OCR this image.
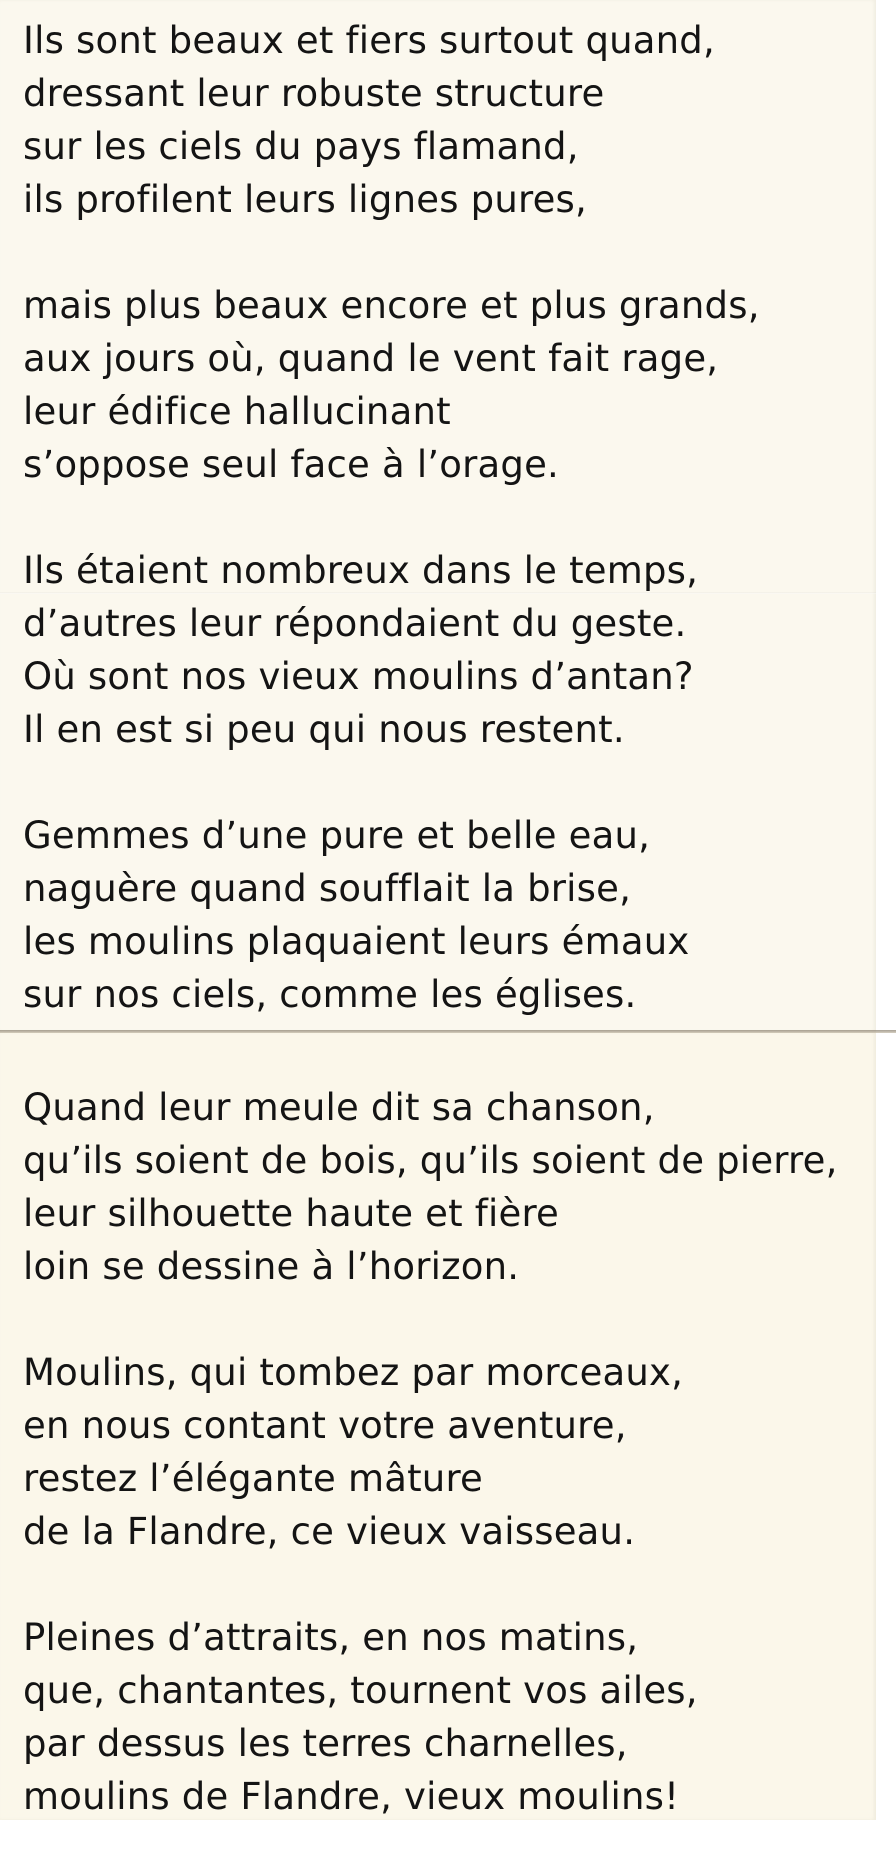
Ils sont beaux et fiers surtout quand,
dressant leur robuste structure
sur les ciels du pays flamand,
ils profilent leurs lignes pures,
mais plus beaux encore et plus grands,
aux jours où, quand le vent fait rage,
leur édifice hallucinant
s’oppose seul face à l’orage.
Ils étaient nombreux dans le temps,
d’autres leur répondaient du geste.
Où sont nos vieux moulins d’antan?
Il en est si peu qui nous restent.
Gemmes d’une pure et belle eau,
naguère quand soufflait la brise,
les moulins plaquaient leurs émaux
sur nos ciels, comme les églises.
Quand leur meule dit sa chanson,
qu’ils soient de bois, qu’ils soient de pierre,
leur silhouette haute et fière
loin se dessine à l’horizon.
Moulins, qui tombez par morceaux,
en nous contant votre aventure,
restez l’élégante mâture
de la Flandre, ce vieux vaisseau.
Pleines d’attraits, en nos matins,
que, chantantes, tournent vos ailes,
par dessus les terres charnelles,
moulins de Flandre, vieux moulins!
